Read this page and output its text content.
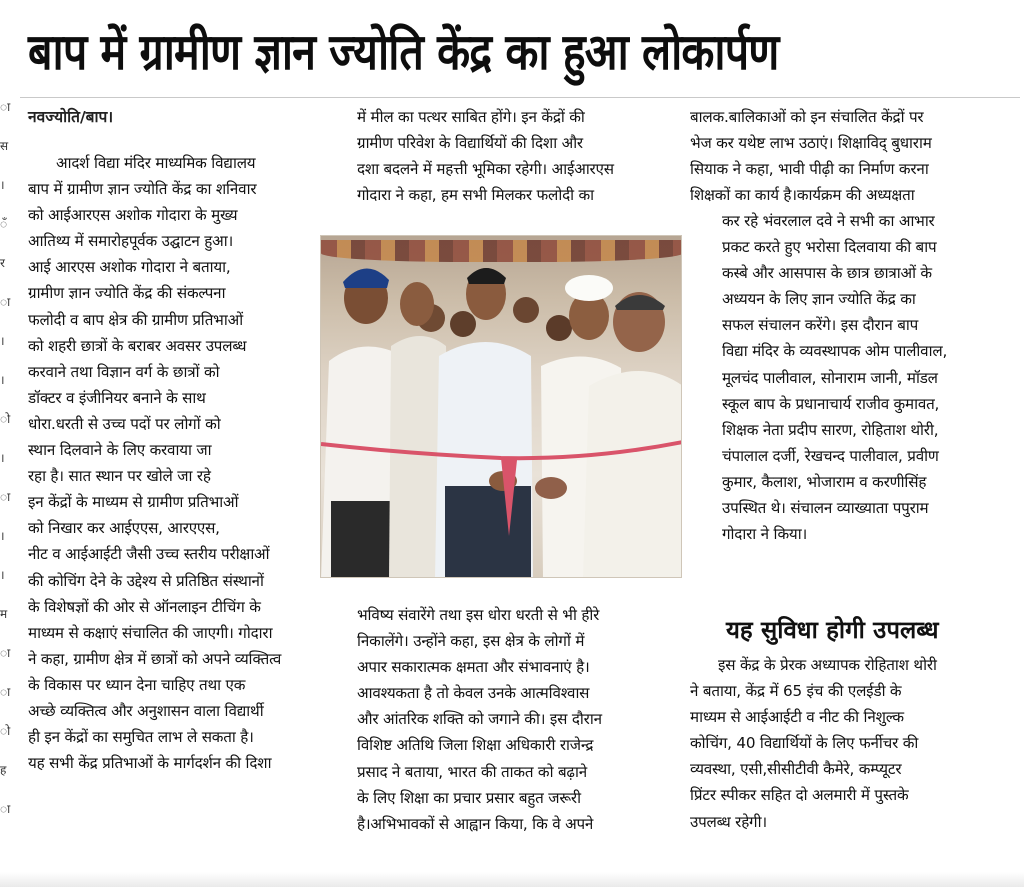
बाप में ग्रामीण ज्ञान ज्योति केंद्र का हुआ लोकार्पण
ा
स
।
ँ
र
ा
।
।
ो
।
ा
।
।
म
ा
ा
ो
ह
ा
नवज्योति/बाप।
आदर्श विद्या मंदिर माध्यमिक विद्यालय
बाप में ग्रामीण ज्ञान ज्योति केंद्र का शनिवार
को आईआरएस अशोक गोदारा के मुख्य
आतिथ्य में समारोहपूर्वक उद्घाटन हुआ।
आई आरएस अशोक गोदारा ने बताया,
ग्रामीण ज्ञान ज्योति केंद्र की संकल्पना
फलोदी व बाप क्षेत्र की ग्रामीण प्रतिभाओं
को शहरी छात्रों के बराबर अवसर उपलब्ध
करवाने तथा विज्ञान वर्ग के छात्रों को
डॉक्टर व इंजीनियर बनाने के साथ
धोरा.धरती से उच्च पदों पर लोगों को
स्थान दिलवाने के लिए करवाया जा
रहा है। सात स्थान पर खोले जा रहे
इन केंद्रों के माध्यम से ग्रामीण प्रतिभाओं
को निखार कर आईएएस, आरएएस,
नीट व आईआईटी जैसी उच्च स्तरीय परीक्षाओं
की कोचिंग देने के उद्देश्य से प्रतिष्ठित संस्थानों
के विशेषज्ञों की ओर से ऑनलाइन टीचिंग के
माध्यम से कक्षाएं संचालित की जाएगी। गोदारा
ने कहा, ग्रामीण क्षेत्र में छात्रों को अपने व्यक्तित्व
के विकास पर ध्यान देना चाहिए तथा एक
अच्छे व्यक्तित्व और अनुशासन वाला विद्यार्थी
ही इन केंद्रों का समुचित लाभ ले सकता है।
यह सभी केंद्र प्रतिभाओं के मार्गदर्शन की दिशा
में मील का पत्थर साबित होंगे। इन केंद्रों की
ग्रामीण परिवेश के विद्यार्थियों की दिशा और
दशा बदलने में महत्ती भूमिका रहेगी। आईआरएस
गोदारा ने कहा, हम सभी मिलकर फलोदी का
भविष्य संवारेंगे तथा इस धोरा धरती से भी हीरे
निकालेंगे। उन्होंने कहा, इस क्षेत्र के लोगों में
अपार सकारात्मक क्षमता और संभावनाएं है।
आवश्यकता है तो केवल उनके आत्मविश्वास
और आंतरिक शक्ति को जगाने की। इस दौरान
विशिष्ट अतिथि जिला शिक्षा अधिकारी राजेन्द्र
प्रसाद ने बताया, भारत की ताकत को बढ़ाने
के लिए शिक्षा का प्रचार प्रसार बहुत जरूरी
है।अभिभावकों से आह्वान किया, कि वे अपने
बालक.बालिकाओं को इन संचालित केंद्रों पर
भेज कर यथेष्ट लाभ उठाएं। शिक्षाविद् बुधाराम
सियाक ने कहा, भावी पीढ़ी का निर्माण करना
शिक्षकों का कार्य है।कार्यक्रम की अध्यक्षता
कर रहे भंवरलाल दवे ने सभी का आभार
प्रकट करते हुए भरोसा दिलवाया की बाप
कस्बे और आसपास के छात्र छात्राओं के
अध्ययन के लिए ज्ञान ज्योति केंद्र का
सफल संचालन करेंगे। इस दौरान बाप
विद्या मंदिर के व्यवस्थापक ओम पालीवाल,
मूलचंद पालीवाल, सोनाराम जानी, मॉडल
स्कूल बाप के प्रधानाचार्य राजीव कुमावत,
शिक्षक नेता प्रदीप सारण, रोहिताश थोरी,
चंपालाल दर्जी, रेखचन्द पालीवाल, प्रवीण
कुमार, कैलाश, भोजाराम व करणीसिंह
उपस्थित थे। संचालन व्याख्याता पपुराम
गोदारा ने किया।
यह सुविधा होगी उपलब्ध
इस केंद्र के प्रेरक अध्यापक रोहिताश थोरी
ने बताया, केंद्र में 65 इंच की एलईडी के
माध्यम से आईआईटी व नीट की निशुल्क
कोचिंग, 40 विद्यार्थियों के लिए फर्नीचर की
व्यवस्था, एसी,सीसीटीवी कैमेरे, कम्प्यूटर
प्रिंटर स्पीकर सहित दो अलमारी में पुस्तके
उपलब्ध रहेगी।
